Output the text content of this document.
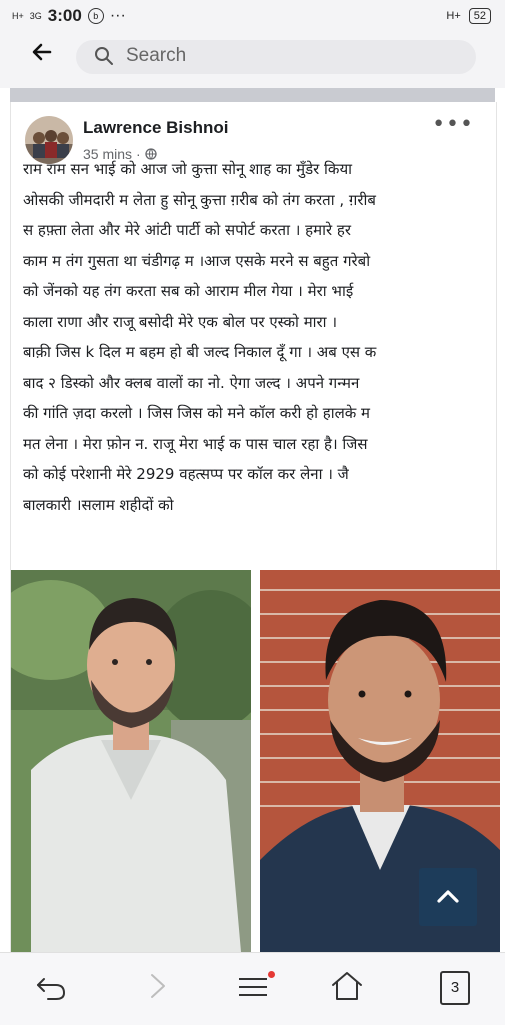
H+ 3G 3:00	b ···	H+	52
Search
Lawrence Bishnoi
35 mins ·
•••
राम राम सन भाई को आज जो कुत्ता सोनू शाह का मुँडेर किया
ओसकी जीमदारी म लेता हु सोनू कुत्ता ग़रीब को तंग करता , ग़रीब
स हफ़्ता लेता और मेरे आंटी पार्टी को सपोर्ट करता । हमारे हर
काम म तंग गुसता था चंडीगढ़ म ।आज एसके मरने स बहुत गरेबो
को जेंनको यह तंग करता सब को आराम मील गेया । मेरा भाई
काला राणा और राजू बसोदी मेरे एक बोल पर एस्को मारा ।
बाक़ी जिस k दिल म बहम हो बी जल्द निकाल दूँ गा । अब एस क
बाद २ डिस्को और क्लब वालों का नो. ऐगा जल्द । अपने गन्मन
की गांति ज़दा करलो । जिस जिस को मने कॉल करी हो हालके म
मत लेना । मेरा फ़ोन न. राजू मेरा भाई क पास चाल रहा है। जिस
को कोई परेशानी मेरे 2929 वहत्सप्प पर कॉल कर लेना । जै
बालकारी ।सलाम शहीदों को
3
